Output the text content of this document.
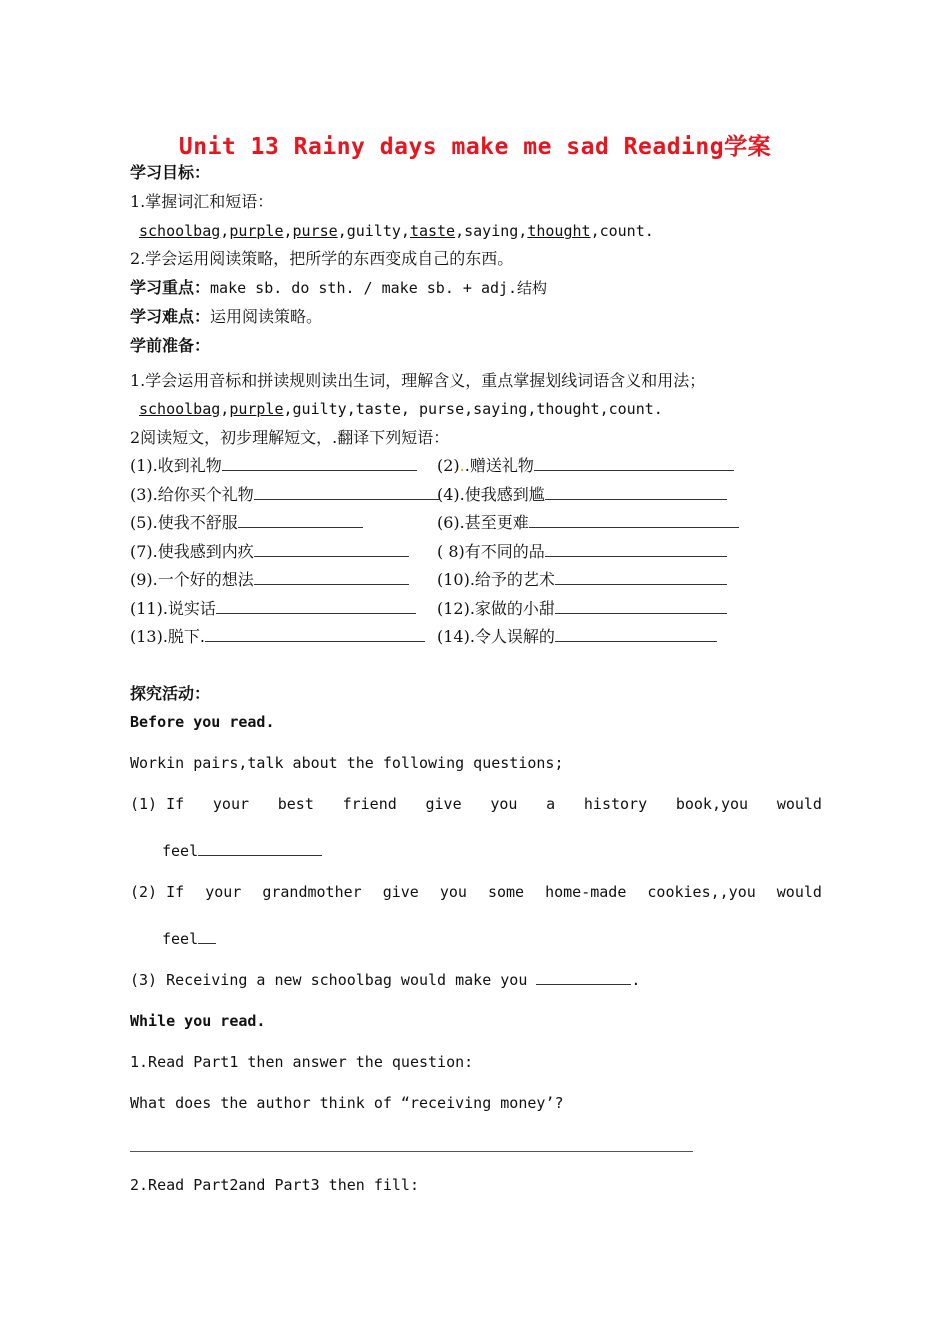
Unit 13 Rainy days make me sad Reading学案
学习目标：
1.掌握词汇和短语：
schoolbag,purple,purse,guilty,taste,saying,thought,count.
2.学会运用阅读策略，把所学的东西变成自己的东西。
学习重点：make sb. do sth. / make sb. + adj.结构
学习难点：运用阅读策略。
学前准备：
1.学会运用音标和拼读规则读出生词，理解含义，重点掌握划线词语含义和用法；
schoolbag,purple,guilty,taste, purse,saying,thought,count.
2阅读短文，初步理解短文，.翻译下列短语：
(1).收到礼物	(2)..赠送礼物
(3).给你买个礼物	(4).使我感到尴
(5).使我不舒服	(6).甚至更难
(7).使我感到内疚	( 8)有不同的品
(9).一个好的想法	(10).给予的艺术
(11).说实话	(12).家做的小甜
(13).脱下.	(14).令人误解的
探究活动：
Before you read.
Workin pairs,talk about the following questions;
(1) If your best friend give you a history book,you would
feel
(2) If your grandmother give you some home-made cookies,,you would
feel
(3) Receiving a new schoolbag would make you	.
While you read.
1.Read Part1 then answer the question:
What does the author think of “receiving money’?
2.Read Part2and Part3 then fill:
